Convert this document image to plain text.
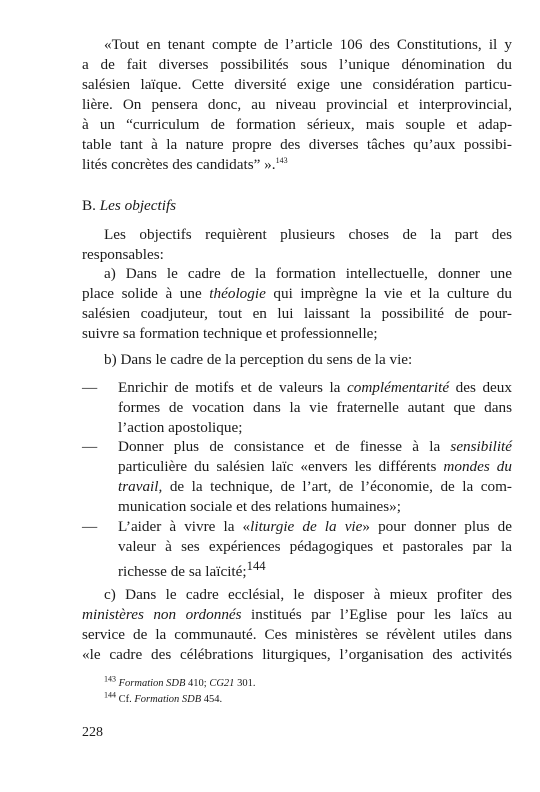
«Tout en tenant compte de l’article 106 des Constitutions, il y
a de fait diverses possibilités sous l’unique dénomination du
salésien laïque. Cette diversité exige une considération particu-
lière. On pensera donc, au niveau provincial et interprovincial,
à un “curriculum de formation sérieux, mais souple et adap-
table tant à la nature propre des diverses tâches qu’aux possibi-
lités concrètes des candidats” ».$^{143}$
B. Les objectifs
Les objectifs requièrent plusieurs choses de la part des
responsables:
a) Dans le cadre de la formation intellectuelle, donner une
place solide à une théologie qui imprègne la vie et la culture du
salésien coadjuteur, tout en lui laissant la possibilité de pour-
suivre sa formation technique et professionnelle;
b) Dans le cadre de la perception du sens de la vie:
—	Enrichir de motifs et de valeurs la complémentarité des deux
formes de vocation dans la vie fraternelle autant que dans
l’action apostolique;
—	Donner plus de consistance et de finesse à la sensibilité
particulière du salésien laïc «envers les différents mondes du
travail, de la technique, de l’art, de l’économie, de la com-
munication sociale et des relations humaines»;
—	L’aider à vivre la «liturgie de la vie» pour donner plus de
valeur à ses expériences pédagogiques et pastorales par la
richesse de sa laïcité;$^{144}$
c) Dans le cadre ecclésial, le disposer à mieux profiter des
ministères non ordonnés institués par l’Eglise pour les laïcs au
service de la communauté. Ces ministères se révèlent utiles dans
«le cadre des célébrations liturgiques, l’organisation des activités
$^{143}$ Formation SDB 410; CG21 301.
$^{144}$ Cf. Formation SDB 454.
228
